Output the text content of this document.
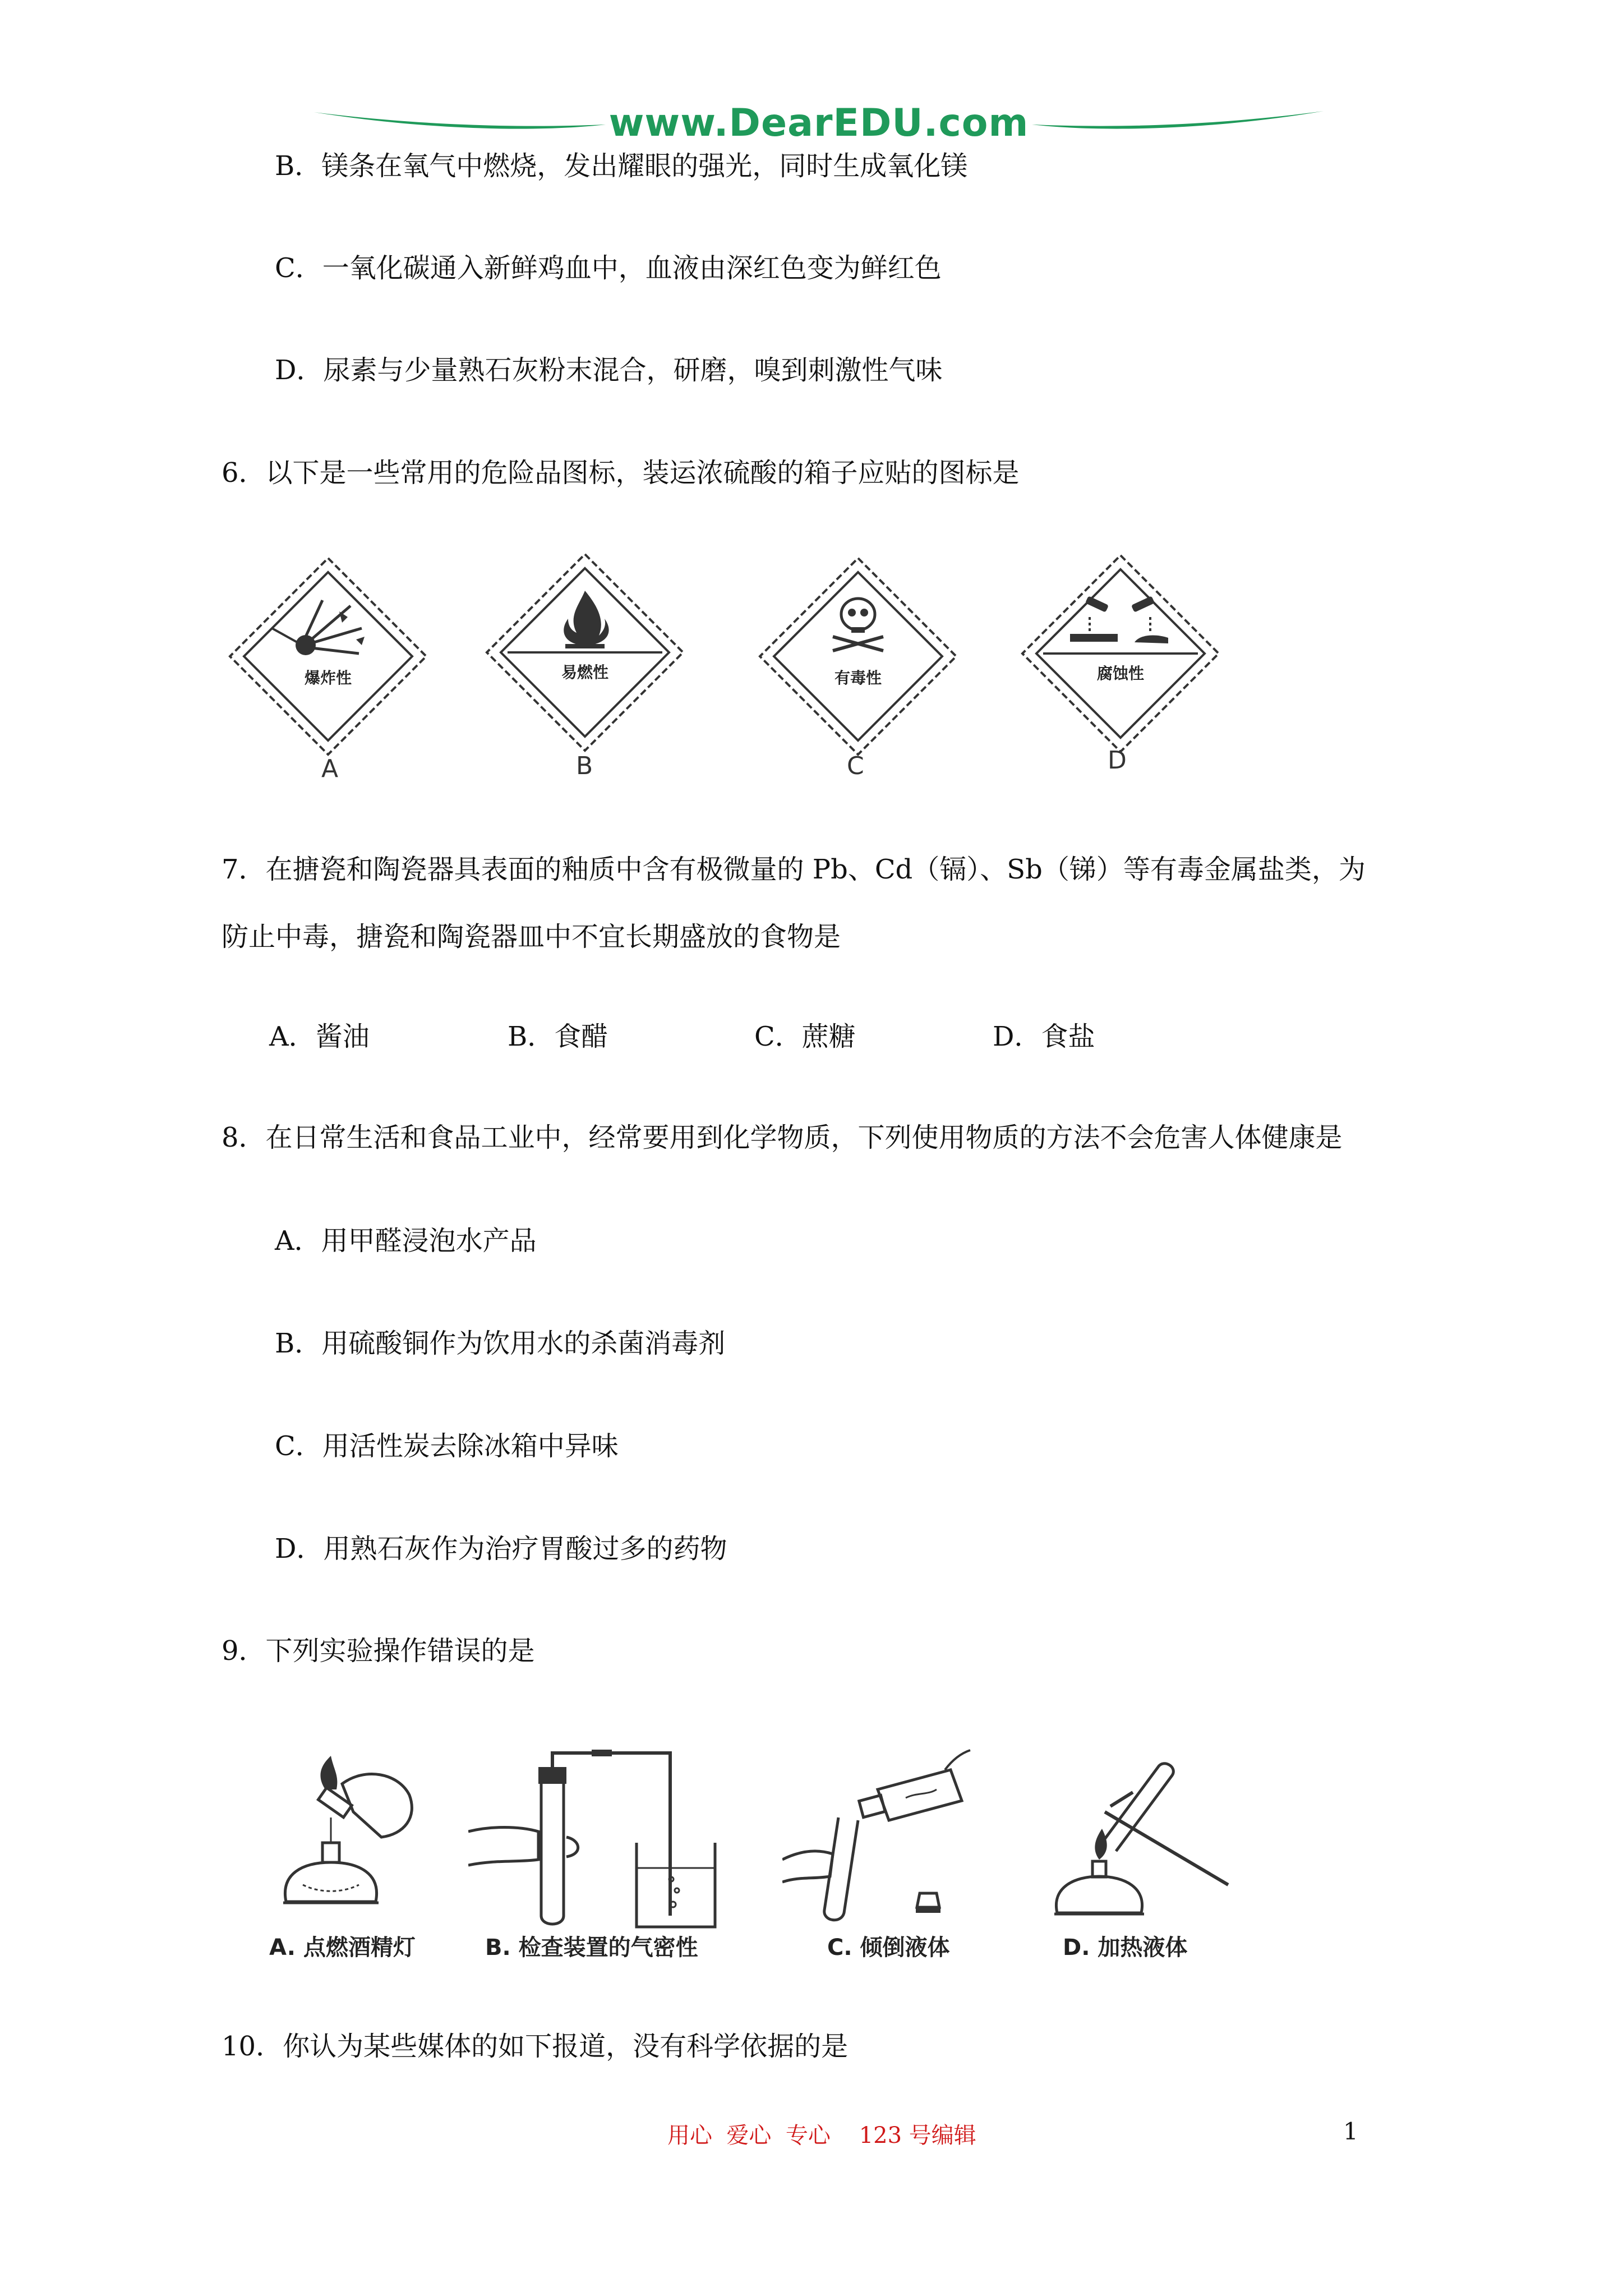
www.DearEDU.com
B．镁条在氧气中燃烧，发出耀眼的强光，同时生成氧化镁
C．一氧化碳通入新鲜鸡血中，血液由深红色变为鲜红色
D．尿素与少量熟石灰粉末混合，研磨，嗅到刺激性气味
6．以下是一些常用的危险品图标，装运浓硫酸的箱子应贴的图标是
爆炸性
A
易燃性
B
有毒性
C
腐蚀性
D
7．在搪瓷和陶瓷器具表面的釉质中含有极微量的 Pb、Cd（镉）、Sb（锑）等有毒金属盐类，为
防止中毒，搪瓷和陶瓷器皿中不宜长期盛放的食物是
A．酱油	B．食醋	C．蔗糖	D．食盐
8．在日常生活和食品工业中，经常要用到化学物质，下列使用物质的方法不会危害人体健康是
A．用甲醛浸泡水产品
B．用硫酸铜作为饮用水的杀菌消毒剂
C．用活性炭去除冰箱中异味
D．用熟石灰作为治疗胃酸过多的药物
9．下列实验操作错误的是
A. 点燃酒精灯	B. 检查装置的气密性	C. 倾倒液体	D. 加热液体
10．你认为某些媒体的如下报道，没有科学依据的是
用心  爱心  专心    123 号编辑	1
